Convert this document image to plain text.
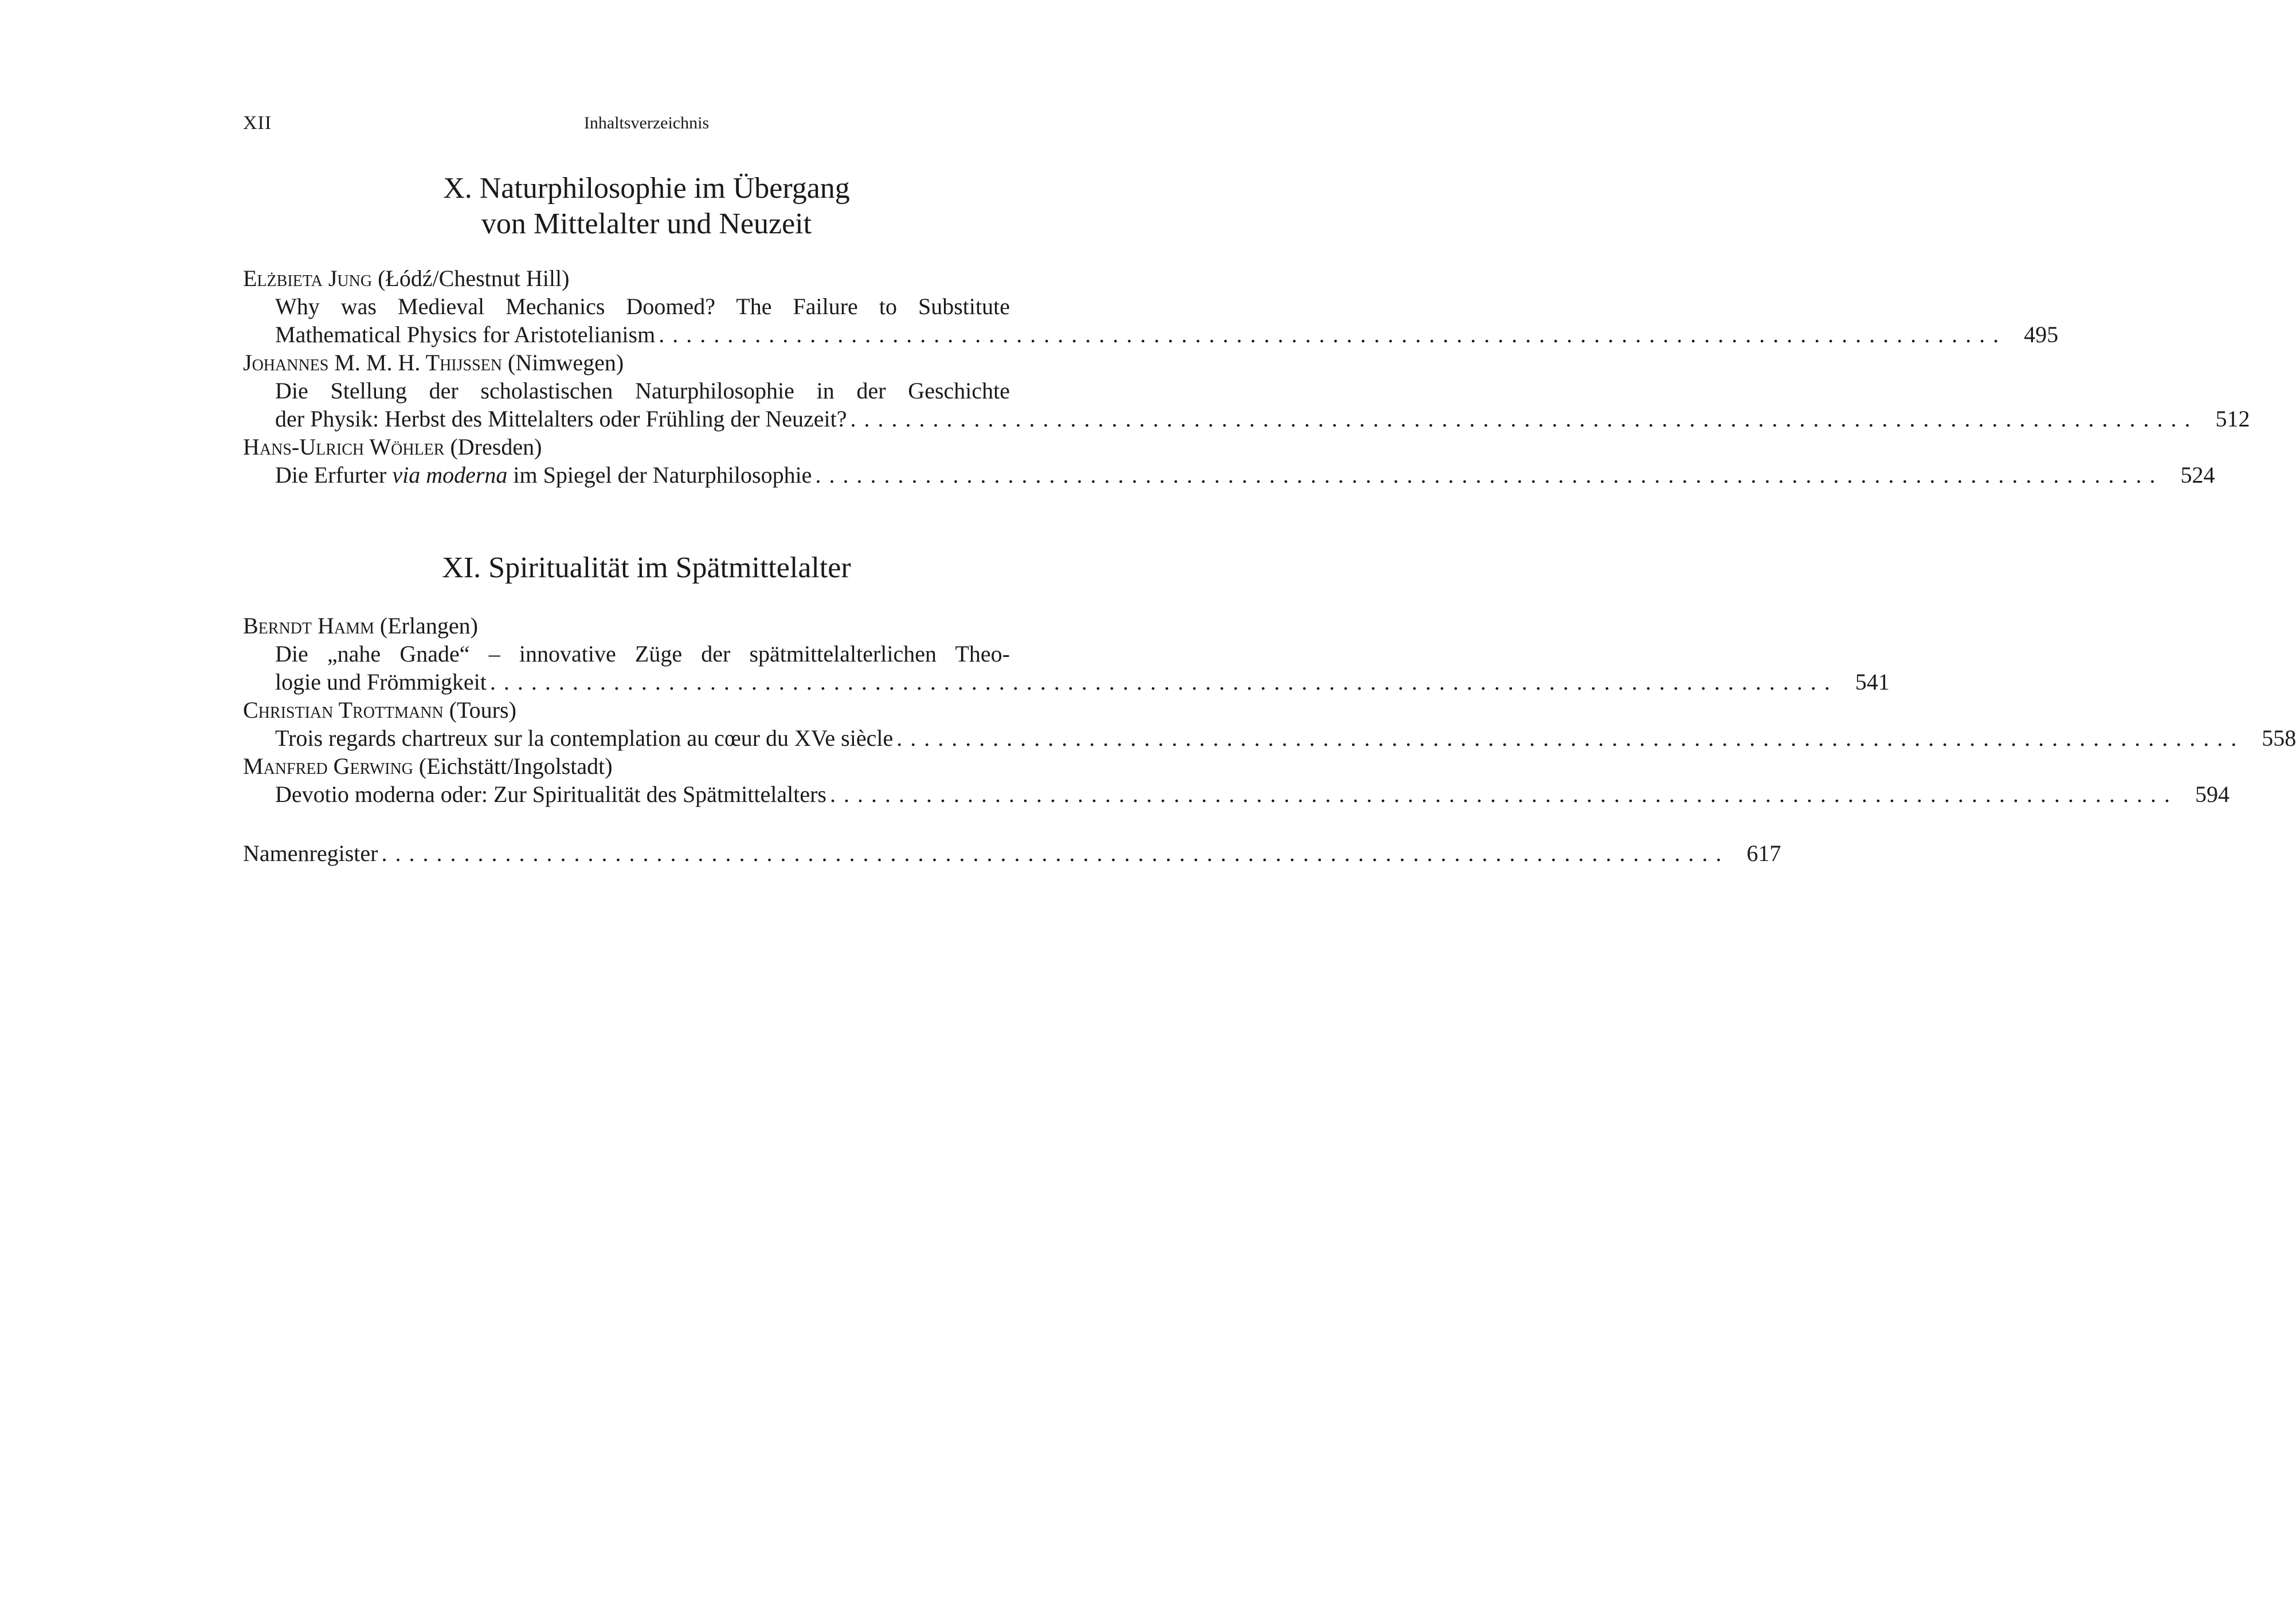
XII	Inhaltsverzeichnis
X. Naturphilosophie im Übergang
von Mittelalter und Neuzeit
Elżbieta Jung (Łódź/Chestnut Hill)
Why was Medieval Mechanics Doomed? The Failure to Substitute
Mathematical Physics for Aristotelianism .................................................................................................. 495
Johannes M. M. H. Thijssen (Nimwegen)
Die Stellung der scholastischen Naturphilosophie in der Geschichte
der Physik: Herbst des Mittelalters oder Frühling der Neuzeit? .................................................................................................. 512
Hans-Ulrich Wöhler (Dresden)
Die Erfurter via moderna im Spiegel der Naturphilosophie .................................................................................................. 524
XI. Spiritualität im Spätmittelalter
Berndt Hamm (Erlangen)
Die „nahe Gnade“ – innovative Züge der spätmittelalterlichen Theo-
logie und Frömmigkeit .................................................................................................. 541
Christian Trottmann (Tours)
Trois regards chartreux sur la contemplation au cœur du XVe siècle .................................................................................................. 558
Manfred Gerwing (Eichstätt/Ingolstadt)
Devotio moderna oder: Zur Spiritualität des Spätmittelalters .................................................................................................. 594
Namenregister .................................................................................................. 617
